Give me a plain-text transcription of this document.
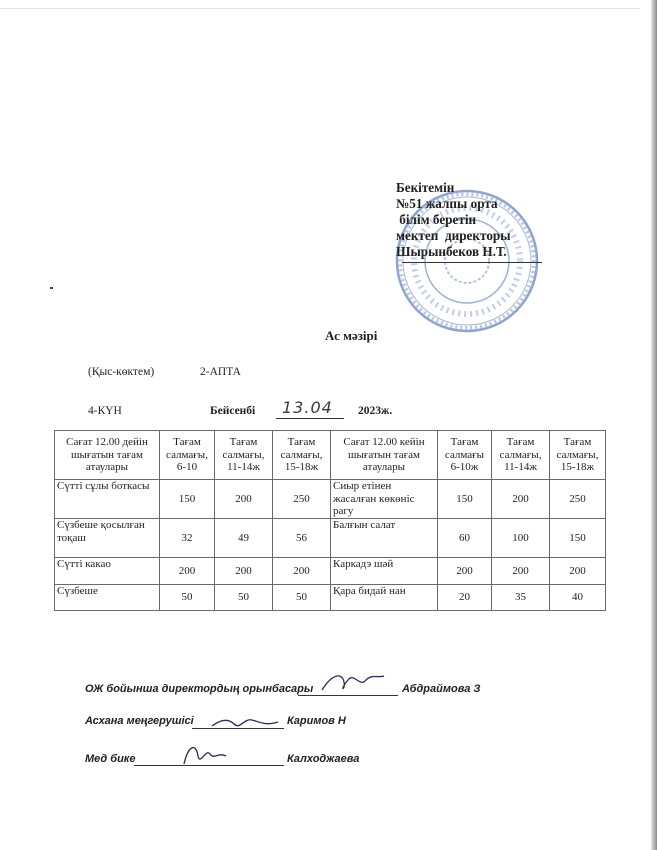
Бекітемін
№51 жалпы орта
білім беретін
мектеп  директоры
Шырынбеков Н.Т.
Ас мәзірі
(Қыс-көктем)	2-АПТА
4-КҮН	Бейсенбі 13.04 2023ж.
Сағат 12.00 дейін шығатын тағам атаулары	Тағам салмағы, 6-10	Тағам салмағы, 11-14ж	Тағам салмағы, 15-18ж	Сағат 12.00 кейін шығатын тағам атаулары	Тағам салмағы 6-10ж	Тағам салмағы, 11-14ж	Тағам салмағы, 15-18ж
Сүтті сұлы боткасы	150	200	250	Сиыр етінен жасалған көкөніс рагу	150	200	250
Сүзбеше қосылған тоқаш	32	49	56	Балғын салат	60	100	150
Сүтті какао	200	200	200	Каркадэ шәй	200	200	200
Сүзбеше	50	50	50	Қара бидай нан	20	35	40
ОЖ бойынша директордың орынбасары	Абдраймова З
Асхана меңгерушісі	Каримов Н
Мед бике	Калходжаева
